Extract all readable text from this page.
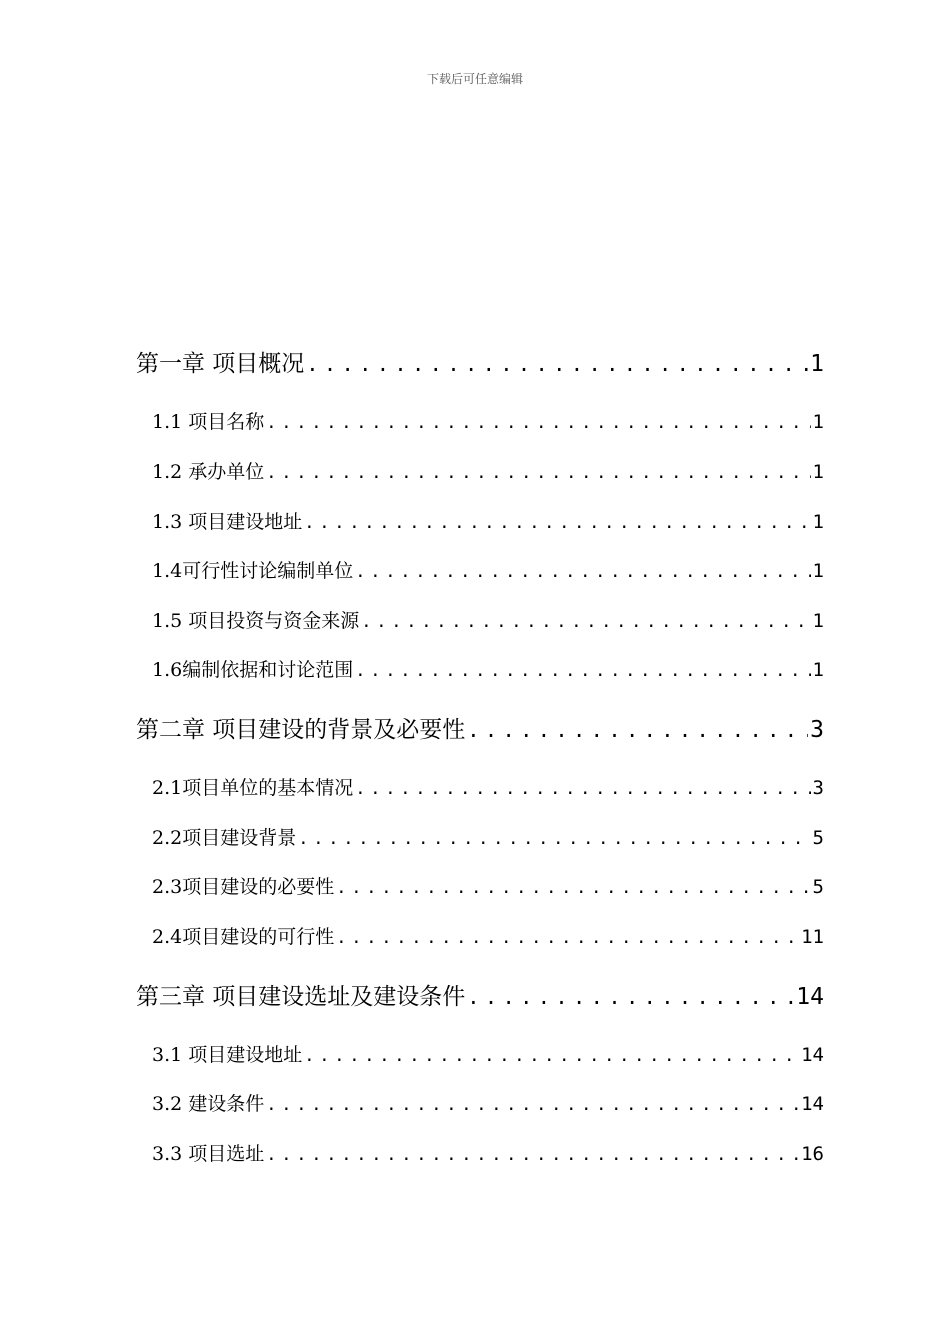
下载后可任意编辑
第一章 项目概况 .....	1
1.1 项目名称 .....	1
1.2 承办单位 .....	1
1.3 项目建设地址 .....	1
1.4可行性讨论编制单位 .....	1
1.5 项目投资与资金来源 .....	1
1.6编制依据和讨论范围 .....	1
第二章 项目建设的背景及必要性 .....	3
2.1项目单位的基本情况 .....	3
2.2项目建设背景 .....	5
2.3项目建设的必要性 .....	5
2.4项目建设的可行性 .....	11
第三章 项目建设选址及建设条件 .....	14
3.1 项目建设地址 .....	14
3.2 建设条件 .....	14
3.3 项目选址 .....	16
